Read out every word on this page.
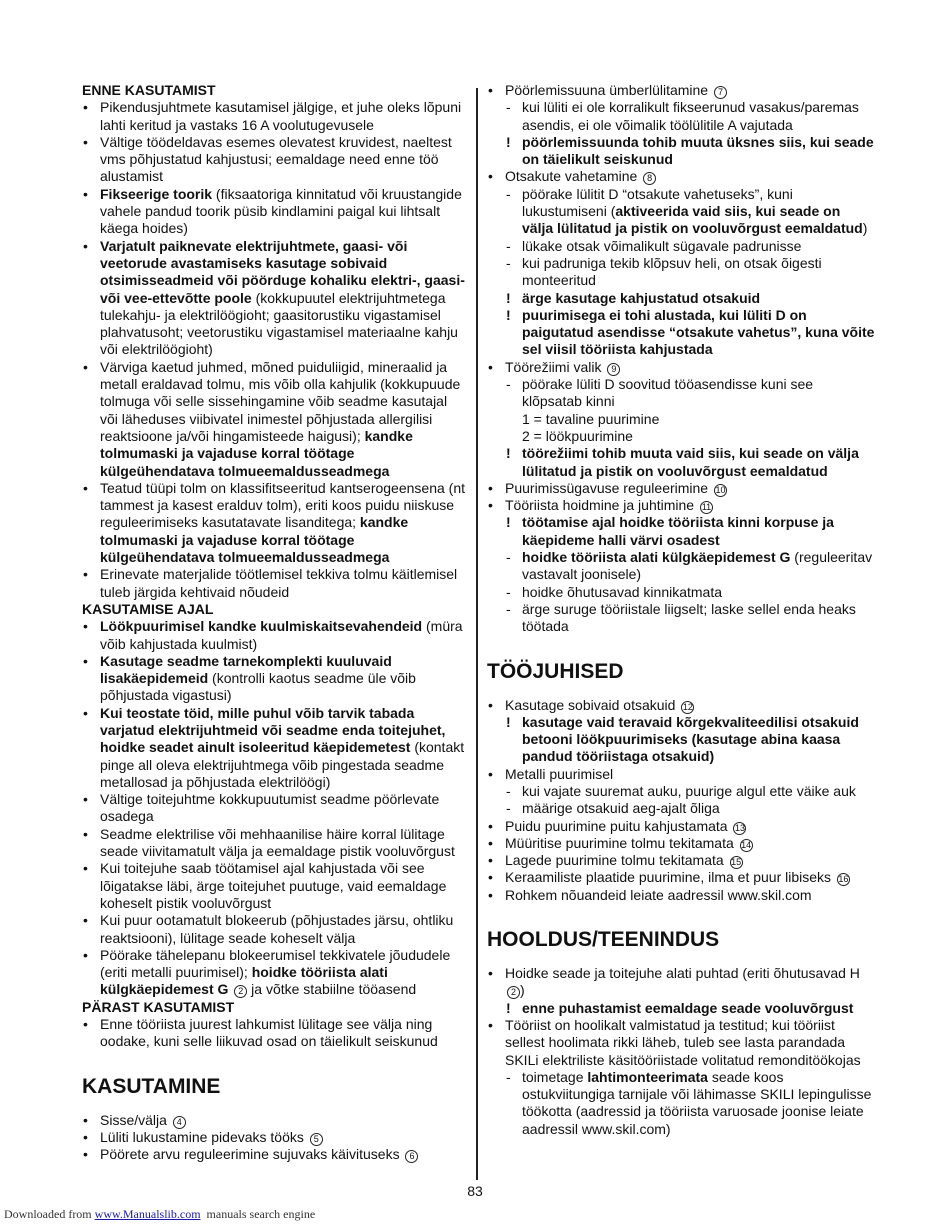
ENNE KASUTAMIST
• Pikendusjuhtmete kasutamisel jälgige, et juhe oleks lõpuni lahti keritud ja vastaks 16 A voolutugevusele
• Vältige töödeldavas esemes olevatest kruvidest, naeltest vms põhjustatud kahjustusi; eemaldage need enne töö alustamist
• Fikseerige toorik (fiksaatoriga kinnitatud või kruustangide vahele pandud toorik püsib kindlamini paigal kui lihtsalt käega hoides)
• Varjatult paiknevate elektrijuhtmete, gaasi- või veetorude avastamiseks kasutage sobivaid otsimisseadmeid või pöörduge kohaliku elektri-, gaasi- või vee-ettevõtte poole (kokkupuutel elektrijuhtmetega tulekahju- ja elektrilöögioht; gaasitorustiku vigastamisel plahvatusoht; veetorustiku vigastamisel materiaalne kahju või elektrilöögioht)
• Värviga kaetud juhmed, mõned puiduliigid, mineraalid ja metall eraldavad tolmu, mis võib olla kahjulik (kokkupuude tolmuga või selle sissehingamine võib seadme kasutajal või läheduses viibivatel inimestel põhjustada allergilisi reaktsioone ja/või hingamisteede haigusi); kandke tolmumaski ja vajaduse korral töötage külgeühendatava tolmueemaldusseadmega
• Teatud tüüpi tolm on klassifitseeritud kantserogeensena (nt tammest ja kasest eralduv tolm), eriti koos puidu niiskuse reguleerimiseks kasutatavate lisanditega; kandke tolmumaski ja vajaduse korral töötage külgeühendatava tolmueemaldusseadmega
• Erinevate materjalide töötlemisel tekkiva tolmu käitlemisel tuleb järgida kehtivaid nõudeid
KASUTAMISE AJAL
• Löökpuurimisel kandke kuulmiskaitsevahendeid (müra võib kahjustada kuulmist)
• Kasutage seadme tarnekomplekti kuuluvaid lisakäepidemeid (kontrolli kaotus seadme üle võib põhjustada vigastusi)
• Kui teostate töid, mille puhul võib tarvik tabada varjatud elektrijuhtmeid või seadme enda toitejuhet, hoidke seadet ainult isoleeritud käepidemetest (kontakt pinge all oleva elektrijuhtmega võib pingestada seadme metallosad ja põhjustada elektrilöögi)
• Vältige toitejuhtme kokkupuutumist seadme pöörlevate osadega
• Seadme elektrilise või mehhaanilise häire korral lülitage seade viivitamatult välja ja eemaldage pistik vooluvõrgust
• Kui toitejuhe saab töötamisel ajal kahjustada või see lõigatakse läbi, ärge toitejuhet puutuge, vaid eemaldage koheselt pistik vooluvõrgust
• Kui puur ootamatult blokeerub (põhjustades järsu, ohtliku reaktsiooni), lülitage seade koheselt välja
• Pöörake tähelepanu blokeerumisel tekkivatele jõududele (eriti metalli puurimisel); hoidke tööriista alati külgkäepidemest G 2 ja võtke stabiilne tööasend
PÄRAST KASUTAMIST
• Enne tööriista juurest lahkumist lülitage see välja ning oodake, kuni selle liikuvad osad on täielikult seiskunud
KASUTAMINE
• Sisse/välja 4
• Lüliti lukustamine pidevaks tööks 5
• Pöörete arvu reguleerimine sujuvaks käivituseks 6
• Pöörlemissuuna ümberlülitamine 7
- kui lüliti ei ole korralikult fikseerunud vasakus/paremas asendis, ei ole võimalik töölülitile A vajutada
! pöörlemissuunda tohib muuta üksnes siis, kui seade on täielikult seiskunud
• Otsakute vahetamine 8
- pöörake lülitit D “otsakute vahetuseks”, kuni lukustumiseni (aktiveerida vaid siis, kui seade on välja lülitatud ja pistik on vooluvõrgust eemaldatud)
- lükake otsak võimalikult sügavale padrunisse
- kui padruniga tekib klõpsuv heli, on otsak õigesti monteeritud
! ärge kasutage kahjustatud otsakuid
! puurimisega ei tohi alustada, kui lüliti D on paigutatud asendisse “otsakute vahetus”, kuna võite sel viisil tööriista kahjustada
• Töörežiimi valik 9
- pöörake lüliti D soovitud tööasendisse kuni see klõpsatab kinni
1 = tavaline puurimine
2 = löökpuurimine
! töörežiimi tohib muuta vaid siis, kui seade on välja lülitatud ja pistik on vooluvõrgust eemaldatud
• Puurimissügavuse reguleerimine 10
• Tööriista hoidmine ja juhtimine 11
! töötamise ajal hoidke tööriista kinni korpuse ja käepideme halli värvi osadest
- hoidke tööriista alati külgkäepidemest G (reguleeritav vastavalt joonisele)
- hoidke õhutusavad kinnikatmata
- ärge suruge tööriistale liigselt; laske sellel enda heaks töötada
TÖÖJUHISED
• Kasutage sobivaid otsakuid 12
! kasutage vaid teravaid kõrgekvaliteedilisi otsakuid betooni löökpuurimiseks (kasutage abina kaasa pandud tööriistaga otsakuid)
• Metalli puurimisel
- kui vajate suuremat auku, puurige algul ette väike auk
- määrige otsakuid aeg-ajalt õliga
• Puidu puurimine puitu kahjustamata 13
• Müüritise puurimine tolmu tekitamata 14
• Lagede puurimine tolmu tekitamata 15
• Keraamiliste plaatide puurimine, ilma et puur libiseks 16
• Rohkem nõuandeid leiate aadressil www.skil.com
HOOLDUS/TEENINDUS
• Hoidke seade ja toitejuhe alati puhtad (eriti õhutusavad H 2 )
! enne puhastamist eemaldage seade vooluvõrgust
• Tööriist on hoolikalt valmistatud ja testitud; kui tööriist sellest hoolimata rikki läheb, tuleb see lasta parandada SKILi elektriliste käsitööriistade volitatud remonditöökojas
- toimetage lahtimonteerimata seade koos ostukviitungiga tarnijale või lähimasse SKILI lepingulisse töökotta (aadressid ja tööriista varuosade joonise leiate aadressil www.skil.com)
83
Downloaded from www.Manualslib.com  manuals search engine
